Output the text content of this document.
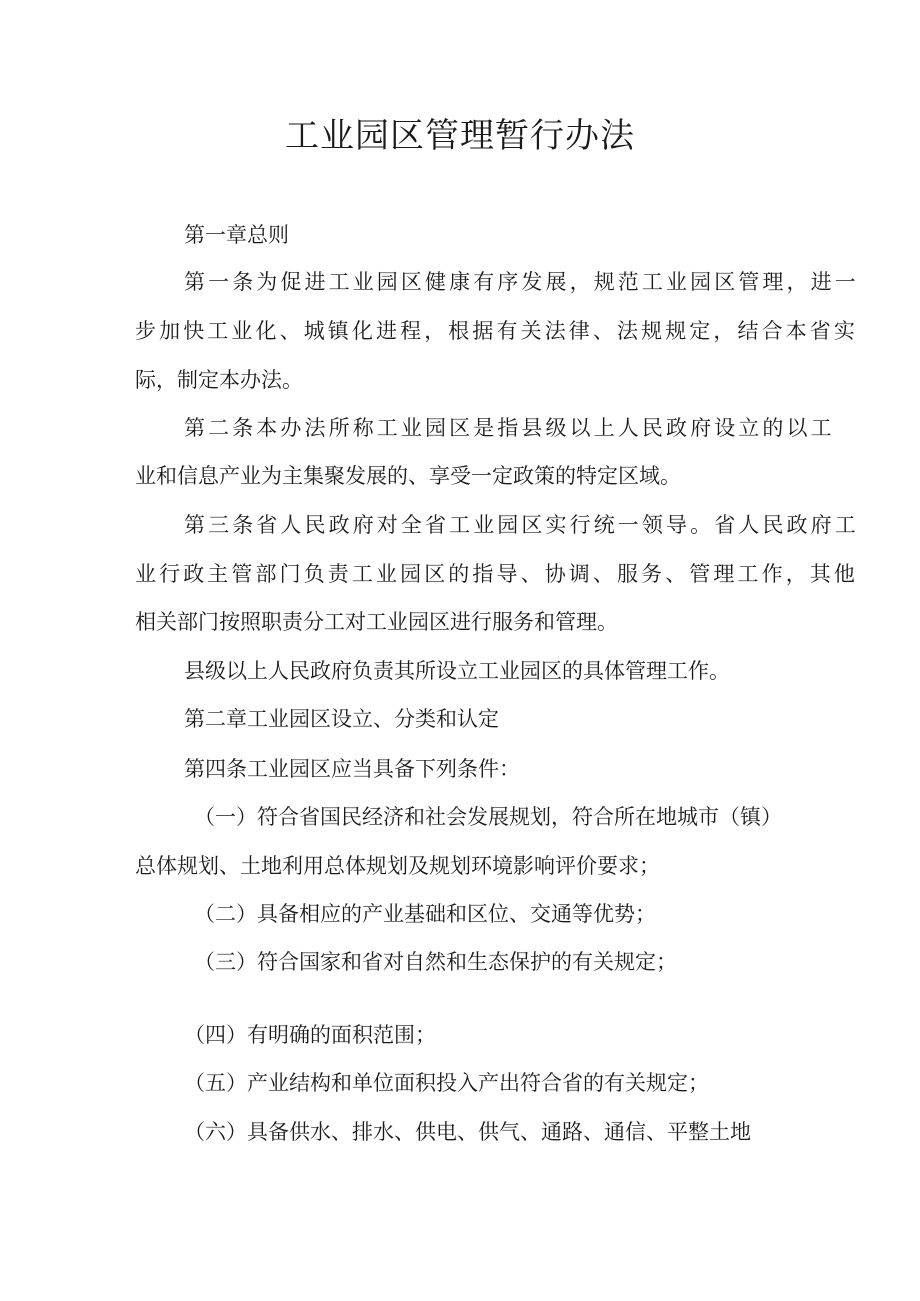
工业园区管理暂行办法
第一章总则
第一条为促进工业园区健康有序发展，规范工业园区管理，进一
步加快工业化、城镇化进程，根据有关法律、法规规定，结合本省实
际，制定本办法。
第二条本办法所称工业园区是指县级以上人民政府设立的以工
业和信息产业为主集聚发展的、享受一定政策的特定区域。
第三条省人民政府对全省工业园区实行统一领导。省人民政府工
业行政主管部门负责工业园区的指导、协调、服务、管理工作，其他
相关部门按照职责分工对工业园区进行服务和管理。
县级以上人民政府负责其所设立工业园区的具体管理工作。
第二章工业园区设立、分类和认定
第四条工业园区应当具备下列条件：
（一）符合省国民经济和社会发展规划，符合所在地城市（镇）
总体规划、土地利用总体规划及规划环境影响评价要求；
（二）具备相应的产业基础和区位、交通等优势；
（三）符合国家和省对自然和生态保护的有关规定；
（四）有明确的面积范围；
（五）产业结构和单位面积投入产出符合省的有关规定；
（六）具备供水、排水、供电、供气、通路、通信、平整土地
